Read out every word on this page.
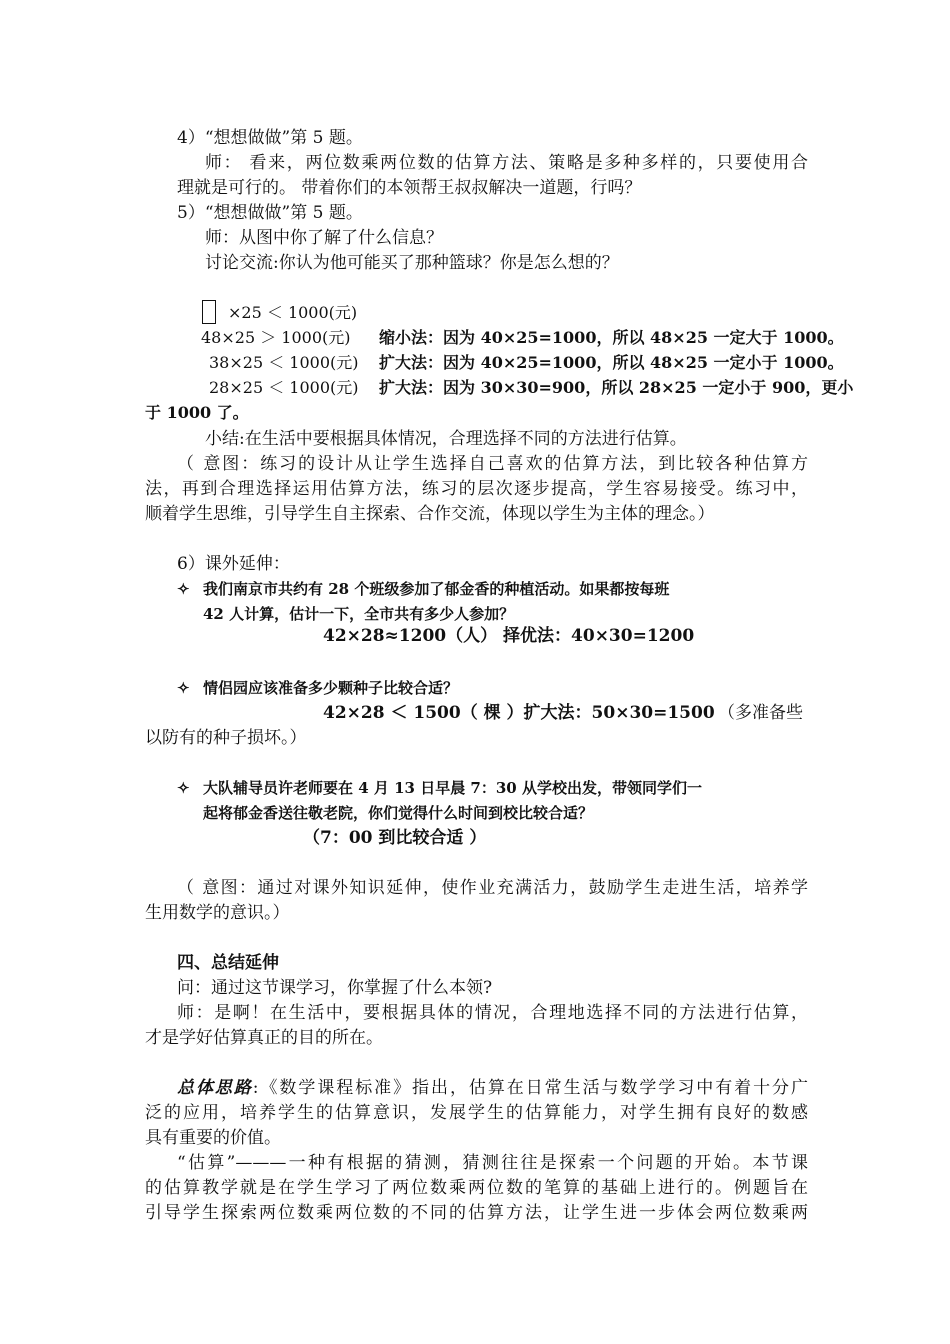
4）“想想做做”第 5 题。
师： 看来，两位数乘两位数的估算方法、策略是多种多样的，只要使用合
理就是可行的。 带着你们的本领帮王叔叔解决一道题，行吗？
5）“想想做做”第 5 题。
师：从图中你了解了什么信息？
讨论交流:你认为他可能买了那种篮球？你是怎么想的？
×25 ＜ 1000(元)
48×25 ＞ 1000(元) 缩小法：因为 40×25=1000，所以 48×25 一定大于 1000。
38×25 ＜ 1000(元) 扩大法：因为 40×25=1000，所以 48×25 一定小于 1000。
28×25 ＜ 1000(元) 扩大法：因为 30×30=900，所以 28×25 一定小于 900，更小
于 1000 了。
小结:在生活中要根据具体情况，合理选择不同的方法进行估算。
（ 意图：练习的设计从让学生选择自己喜欢的估算方法，到比较各种估算方
法，再到合理选择运用估算方法，练习的层次逐步提高，学生容易接受。练习中，
顺着学生思维，引导学生自主探索、合作交流，体现以学生为主体的理念。）
6）课外延伸：
✧ 我们南京市共约有 28 个班级参加了郁金香的种植活动。如果都按每班
42 人计算，估计一下，全市共有多少人参加？
42×28≈1200（人） 择优法：40×30=1200
✧ 情侣园应该准备多少颗种子比较合适？
42×28 ＜ 1500（ 棵 ）扩大法：50×30=1500 （多准备些
以防有的种子损坏。）
✧ 大队辅导员许老师要在 4 月 13 日早晨 7：30 从学校出发，带领同学们一
起将郁金香送往敬老院，你们觉得什么时间到校比较合适？
（7：00 到比较合适 ）
（ 意图：通过对课外知识延伸，使作业充满活力，鼓励学生走进生活，培养学
生用数学的意识。）
四、总结延伸
问：通过这节课学习，你掌握了什么本领?
师：是啊！在生活中，要根据具体的情况，合理地选择不同的方法进行估算，
才是学好估算真正的目的所在。
总体思路:《数学课程标准》指出，估算在日常生活与数学学习中有着十分广
泛的应用，培养学生的估算意识，发展学生的估算能力，对学生拥有良好的数感
具有重要的价值。
“估算”———一种有根据的猜测，猜测往往是探索一个问题的开始。本节课
的估算教学就是在学生学习了两位数乘两位数的笔算的基础上进行的。例题旨在
引导学生探索两位数乘两位数的不同的估算方法，让学生进一步体会两位数乘两
